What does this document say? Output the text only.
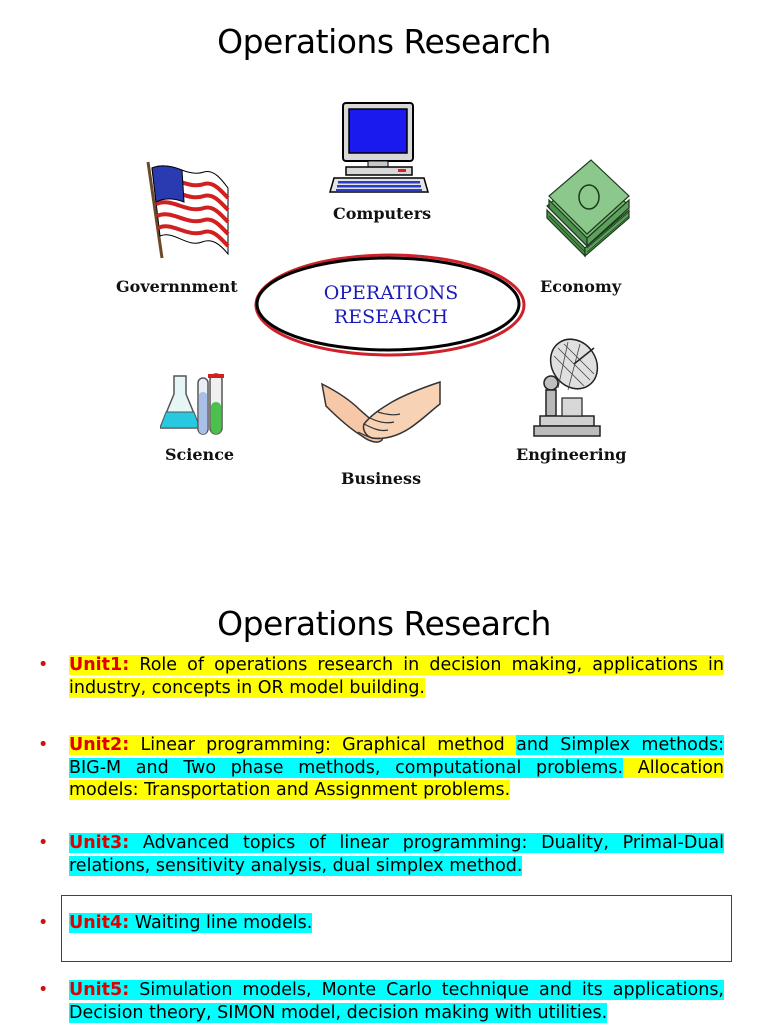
Operations Research
OPERATIONS RESEARCH
Computers
Governnment	Economy
Science
Business
Engineering
Operations Research
• Unit1: Role of operations research in decision making, applications in industry, concepts in OR model building.
• Unit2: Linear programming: Graphical method and Simplex methods: BIG-M and Two phase methods, computational problems. Allocation models: Transportation and Assignment problems.
• Unit3: Advanced topics of linear programming: Duality, Primal-Dual relations, sensitivity analysis, dual simplex method.
• Unit4: Waiting line models.
• Unit5: Simulation models, Monte Carlo technique and its applications, Decision theory, SIMON model, decision making with utilities.
